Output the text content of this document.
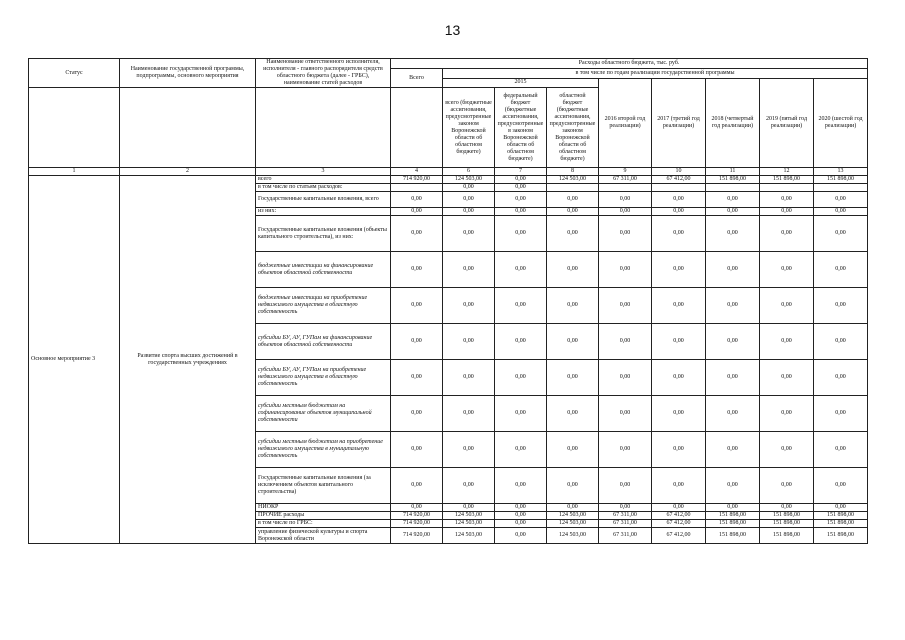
13
Статус	Наименование государственной программы, подпрограммы, основного мероприятия	Наименование ответственного исполнителя, исполнителя - главного распорядителя средств областного бюджета (далее - ГРБС), наименование статей расходов	Расходы областного бюджета, тыс. руб.								
			Всего	в том числе по годам реализации государственной программы							
				2015			2016 второй год реализации)	2017 (третий год реализации)	2018 (четвертый год реализации)	2019 (пятый год реализации)	2020 (шестой год реализации)
				всего (бюджетные ассигнования, предусмотренные законом Воронежской области об областном бюджете)	федеральный бюджет (бюджетные ассигнования, предусмотренные в законом Воронежской области об областном бюджете)	областной бюджет (бюджетные ассигнования, предусмотренные законом Воронежской области об областном бюджете)					
1	2	3	4	6	7	8	9	10	11	12	13
Основное мероприятие 3	Развитие спорта высших достижений в государственных учреждениях	всего	714 920,00	124 503,00	0,00	124 503,00	67 311,00	67 412,00	151 898,00	151 898,00	151 898,00
		в том числе по статьям расходов:		0,00	0,00						
		Государственные капитальные вложения, всего	0,00	0,00	0,00	0,00	0,00	0,00	0,00	0,00	0,00
		из них:	0,00	0,00	0,00	0,00	0,00	0,00	0,00	0,00	0,00
		Государственные капитальные вложения (объекты капитального строительства), из них:	0,00	0,00	0,00	0,00	0,00	0,00	0,00	0,00	0,00
		бюджетные инвестиции на финансирование объектов областной собственности	0,00	0,00	0,00	0,00	0,00	0,00	0,00	0,00	0,00
		бюджетные инвестиции на приобретение недвижимого имущества в областную собственность	0,00	0,00	0,00	0,00	0,00	0,00	0,00	0,00	0,00
		субсидии БУ, АУ, ГУПам на финансирование объектов областной собственности	0,00	0,00	0,00	0,00	0,00	0,00	0,00	0,00	0,00
		субсидии БУ, АУ, ГУПам на приобретение недвижимого имущества в областную собственность	0,00	0,00	0,00	0,00	0,00	0,00	0,00	0,00	0,00
		субсидии местным бюджетам на софинансирование объектов муниципальной собственности	0,00	0,00	0,00	0,00	0,00	0,00	0,00	0,00	0,00
		субсидии местным бюджетам на приобретение недвижимого имущества в муниципальную собственность	0,00	0,00	0,00	0,00	0,00	0,00	0,00	0,00	0,00
		Государственные капитальные вложения (за исключением объектов капитального строительства)	0,00	0,00	0,00	0,00	0,00	0,00	0,00	0,00	0,00
		НИОКР	0,00	0,00	0,00	0,00	0,00	0,00	0,00	0,00	0,00
		ПРОЧИЕ расходы	714 920,00	124 503,00	0,00	124 503,00	67 311,00	67 412,00	151 898,00	151 898,00	151 898,00
		в том числе по ГРБС:	714 920,00	124 503,00	0,00	124 503,00	67 311,00	67 412,00	151 898,00	151 898,00	151 898,00
		управление физической культуры и спорта Воронежской области	714 920,00	124 503,00	0,00	124 503,00	67 311,00	67 412,00	151 898,00	151 898,00	151 898,00
